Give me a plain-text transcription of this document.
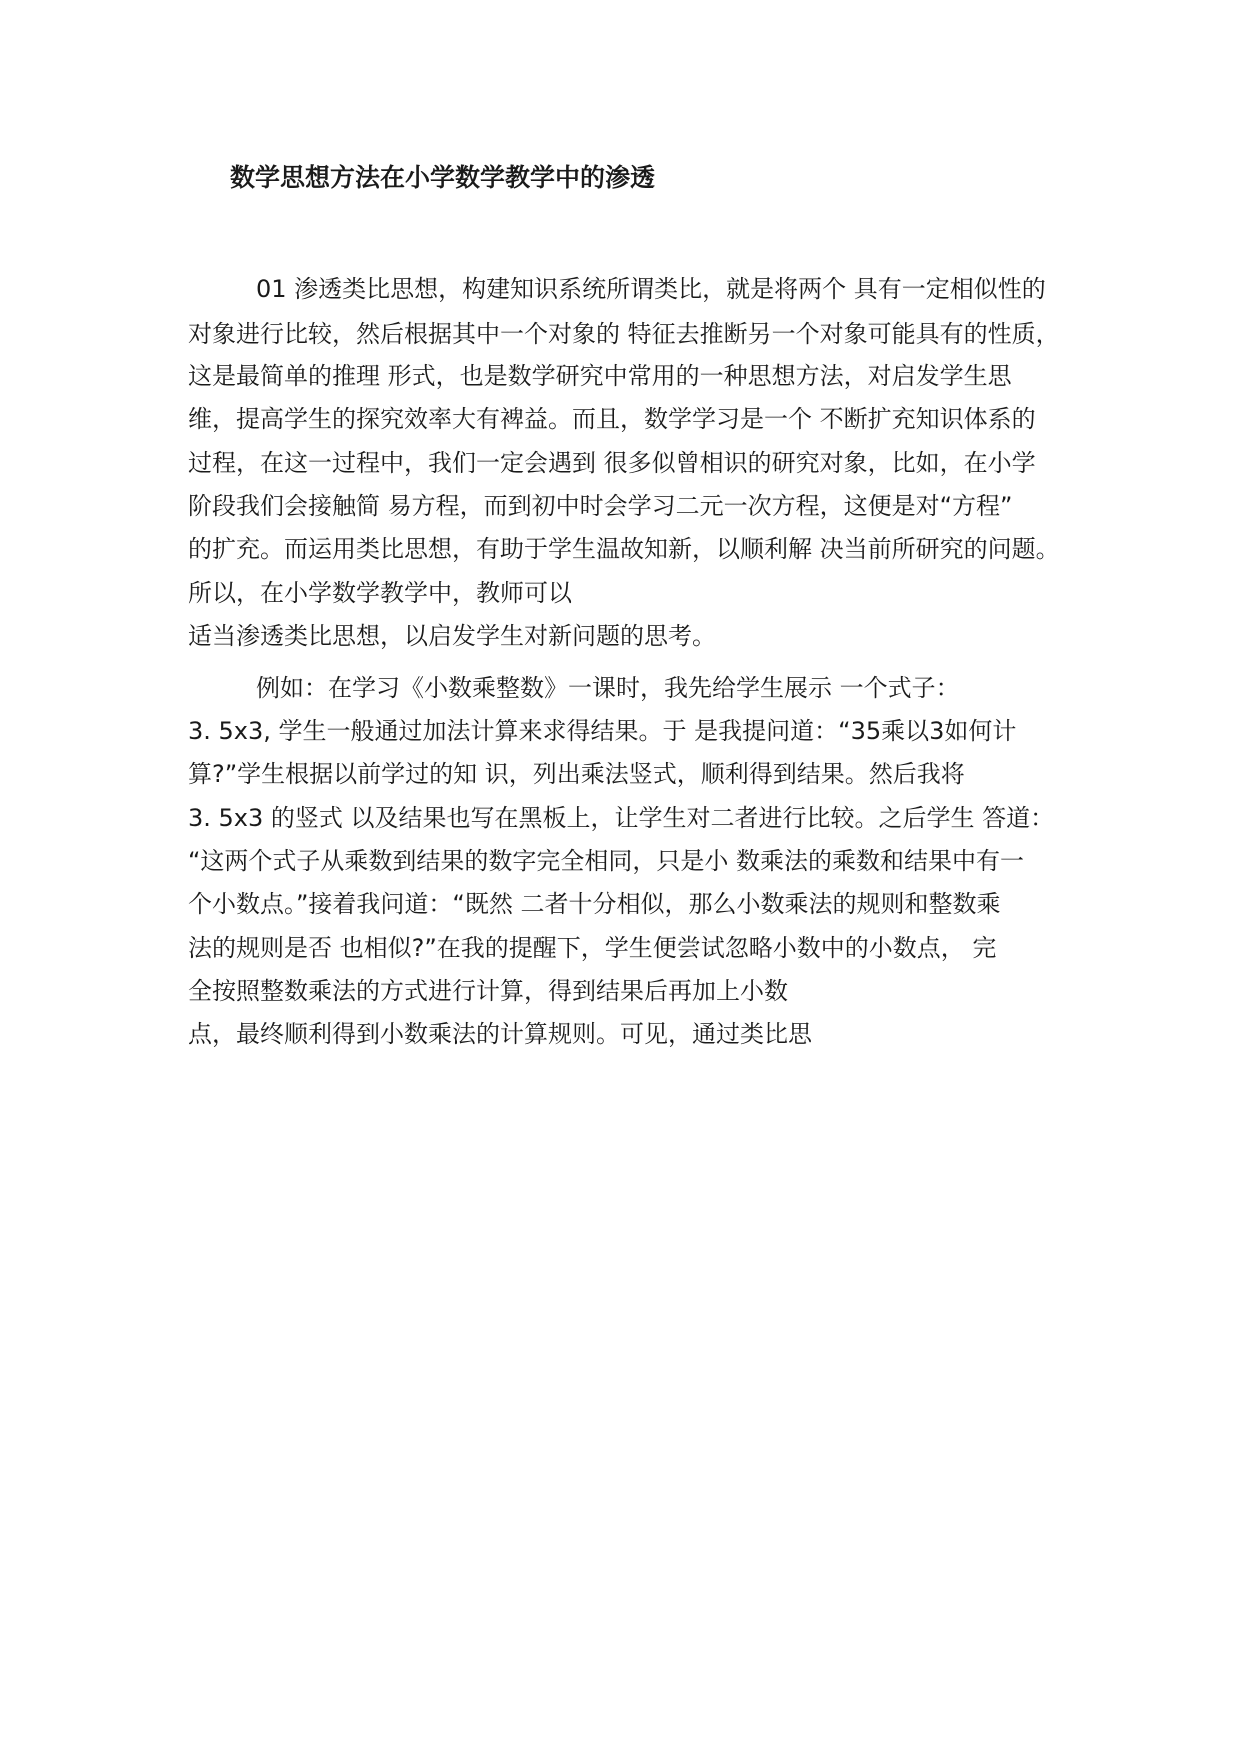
数学思想方法在小学数学教学中的渗透
01 渗透类比思想，构建知识系统所谓类比，就是将两个 具有一定相似性的
对象进行比较，然后根据其中一个对象的 特征去推断另一个对象可能具有的性质，
这是最简单的推理 形式，也是数学研究中常用的一种思想方法，对启发学生思
维，提高学生的探究效率大有裨益。而且，数学学习是一个 不断扩充知识体系的
过程，在这一过程中，我们一定会遇到 很多似曾相识的研究对象，比如，在小学
阶段我们会接触简 易方程，而到初中时会学习二元一次方程，这便是对“方程”
的扩充。而运用类比思想，有助于学生温故知新，以顺利解 决当前所研究的问题。
所以，在小学数学教学中，教师可以
适当渗透类比思想，以启发学生对新问题的思考。
例如：在学习《小数乘整数》一课时，我先给学生展示 一个式子：
3. 5x3, 学生一般通过加法计算来求得结果。于 是我提问道：“35乘以3如何计
算?”学生根据以前学过的知 识，列出乘法竖式，顺利得到结果。然后我将
3. 5x3 的竖式 以及结果也写在黑板上，让学生对二者进行比较。之后学生 答道：
“这两个式子从乘数到结果的数字完全相同，只是小 数乘法的乘数和结果中有一
个小数点。”接着我问道：“既然 二者十分相似，那么小数乘法的规则和整数乘
法的规则是否 也相似?”在我的提醒下，学生便尝试忽略小数中的小数点， 完
全按照整数乘法的方式进行计算，得到结果后再加上小数
点，最终顺利得到小数乘法的计算规则。可见，通过类比思
